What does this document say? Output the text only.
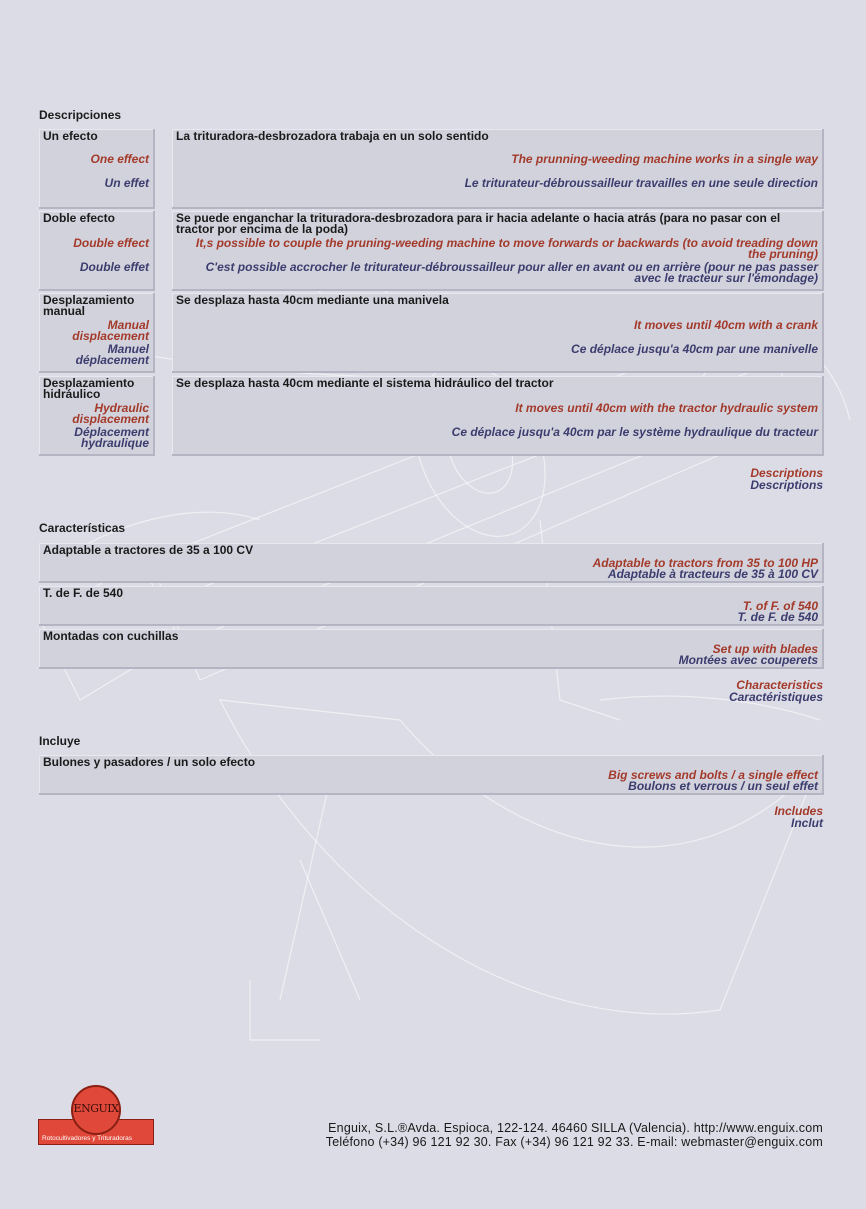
Descripciones
Un efecto
One effect
Un effet
La trituradora-desbrozadora trabaja en un solo sentido
The prunning-weeding machine works in a single way
Le triturateur-débroussailleur travailles en une seule direction
Doble efecto
Double effect
Double effet
Se puede enganchar la trituradora-desbrozadora para ir hacia adelante o hacia atrás (para no pasar con el tractor por encima de la poda)
It,s possible to couple the pruning-weeding machine to move forwards or backwards (to avoid treading down the pruning)
C'est possible accrocher le triturateur-débroussailleur pour aller en avant ou en arrière (pour ne pas passer avec le tracteur sur l'émondage)
Desplazamiento manual
Manual displacement
Manuel déplacement
Se desplaza hasta 40cm mediante una manivela
It moves until 40cm with a crank
Ce déplace jusqu'a 40cm par une manivelle
Desplazamiento hidráulico
Hydraulic displacement
Déplacement hydraulique
Se desplaza hasta 40cm mediante el sistema hidráulico del tractor
It moves until 40cm with the tractor hydraulic system
Ce déplace jusqu'a 40cm par le système hydraulique du tracteur
Descriptions
Descriptions
Características
Adaptable a tractores de 35 a 100 CV
Adaptable to tractors from 35 to 100 HP
Adaptable à tracteurs de 35 à 100 CV
T. de F. de 540
T. of F. of 540
T. de F. de 540
Montadas con cuchillas
Set up with blades
Montées avec couperets
Characteristics
Caractéristiques
Incluye
Bulones y pasadores / un solo efecto
Big screws and bolts / a single effect
Boulons et verrous / un seul effet
Includes
Inclut
Rotocultivadores y Trituradoras
ENGUIX
Enguix, S.L.®Avda. Espioca, 122-124. 46460 SILLA (Valencia). http://www.enguix.com
Teléfono (+34) 96 121 92 30. Fax (+34) 96 121 92 33. E-mail: webmaster@enguix.com
